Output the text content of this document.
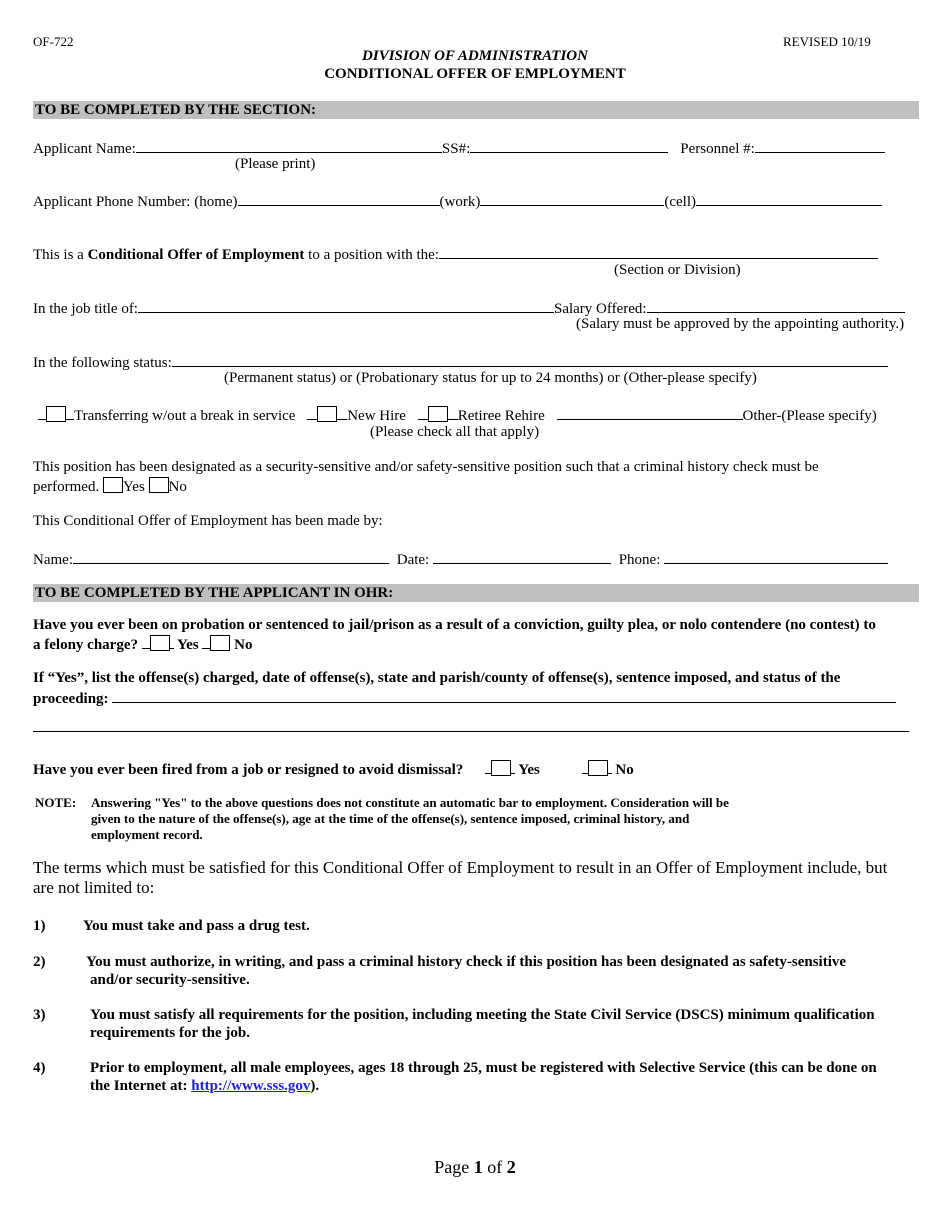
OF-722	REVISED 10/19
DIVISION OF ADMINISTRATION
CONDITIONAL OFFER OF EMPLOYMENT
TO BE COMPLETED BY THE SECTION:
Applicant Name:	SS#:	Personnel #:
(Please print)
Applicant Phone Number: (home)	(work)	(cell)
This is a Conditional Offer of Employment to a position with the:
(Section or Division)
In the job title of:	Salary Offered:
(Salary must be approved by the appointing authority.)
In the following status:
(Permanent status) or (Probationary status for up to 24 months) or (Other-please specify)
Transferring w/out a break in service	New Hire	Retiree Rehire	Other-(Please specify)
(Please check all that apply)
This position has been designated as a security-sensitive and/or safety-sensitive position such that a criminal history check must be
performed. Yes No
This Conditional Offer of Employment has been made by:
Name:	Date:	Phone:
TO BE COMPLETED BY THE APPLICANT IN OHR:
Have you ever been on probation or sentenced to jail/prison as a result of a conviction, guilty plea, or nolo contendere (no contest) to
a felony charge?	Yes No
If “Yes”, list the offense(s) charged, date of offense(s), state and parish/county of offense(s), sentence imposed, and status of the
proceeding:
Have you ever been fired from a job or resigned to avoid dismissal?	Yes	No
NOTE: Answering "Yes" to the above questions does not constitute an automatic bar to employment. Consideration will be
given to the nature of the offense(s), age at the time of the offense(s), sentence imposed, criminal history, and
employment record.
The terms which must be satisfied for this Conditional Offer of Employment to result in an Offer of Employment include, but
are not limited to:
1)	You must take and pass a drug test.
2)	You must authorize, in writing, and pass a criminal history check if this position has been designated as safety-sensitive
and/or security-sensitive.
3)	You must satisfy all requirements for the position, including meeting the State Civil Service (DSCS) minimum qualification
requirements for the job.
4)	Prior to employment, all male employees, ages 18 through 25, must be registered with Selective Service (this can be done on
the Internet at: http://www.sss.gov).
Page 1 of 2
